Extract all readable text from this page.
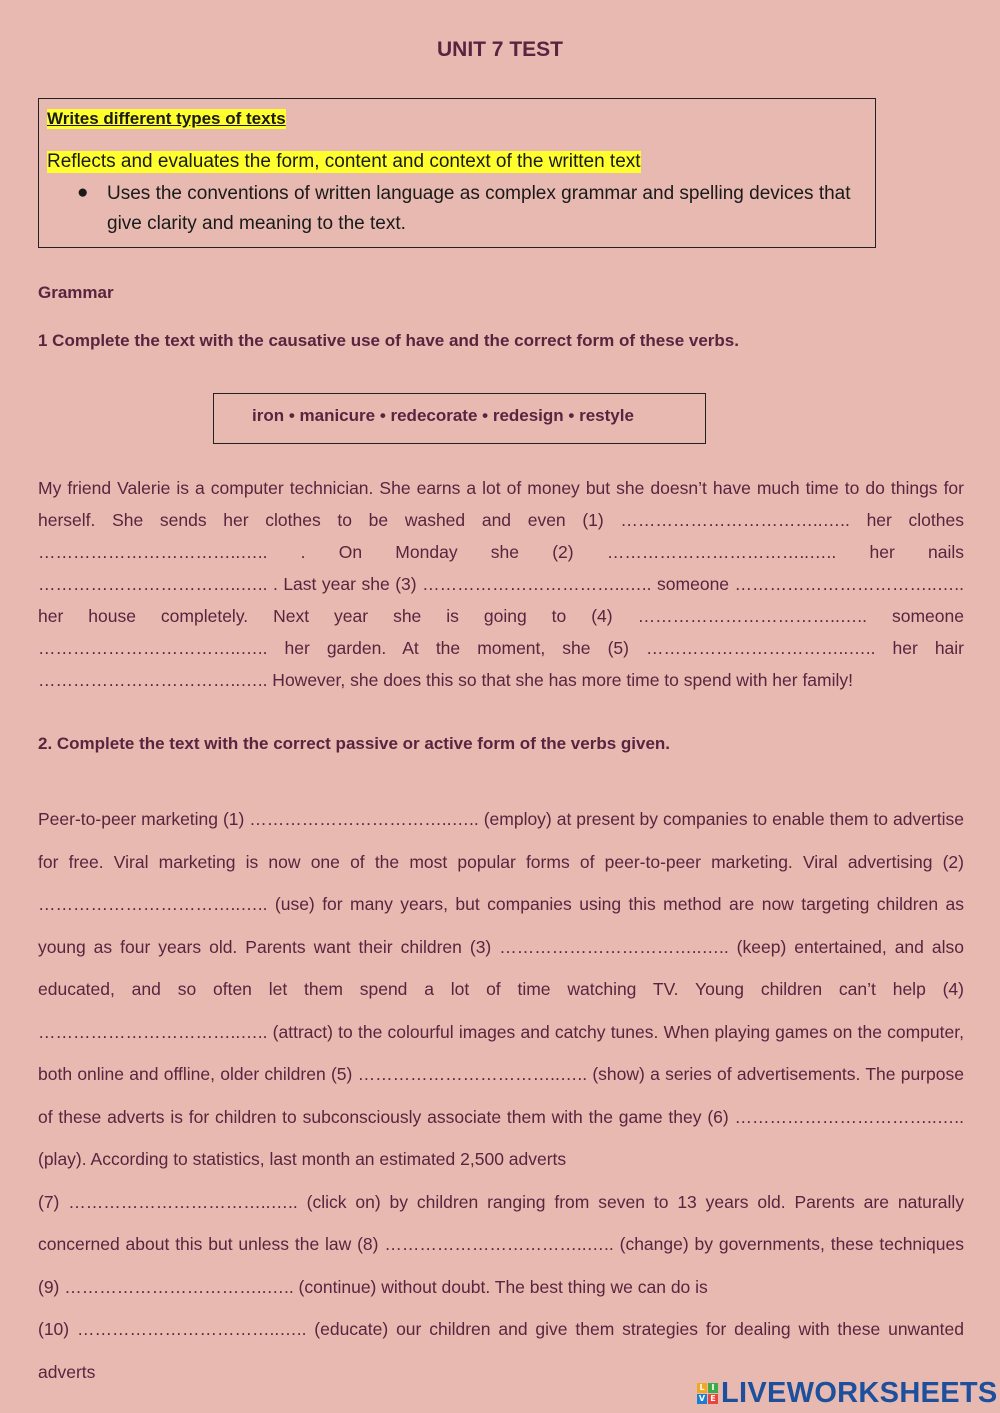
UNIT 7 TEST
Writes different types of texts
Reflects and evaluates the form, content and context of the written text
● Uses the conventions of written language as complex grammar and spelling devices that give clarity and meaning to the text.
Grammar
1 Complete the text with the causative use of have and the correct form of these verbs.
iron • manicure • redecorate • redesign • restyle

My friend Valerie is a computer technician. She earns a lot of money but she doesn’t have much time to do things for herself. She sends her clothes to be washed and even (1) ……………………………..….. her clothes ……………………………..….. . On Monday she (2) ……………………………..….. her nails ……………………………..….. . Last year she (3) ……………………………..….. someone ……………………………..….. her house completely. Next year she is going to (4) ……………………………..….. someone ……………………………..….. her garden. At the moment, she (5) ……………………………..….. her hair ……………………………..….. However, she does this so that she has more time to spend with her family!

2. Complete the text with the correct passive or active form of the verbs given.
Peer-to-peer marketing (1) ……………………………..….. (employ) at present by companies to enable them to advertise for free. Viral marketing is now one of the most popular forms of peer-to-peer marketing. Viral advertising (2) ……………………………..….. (use) for many years, but companies using this method are now targeting children as young as four years old. Parents want their children (3) ……………………………..….. (keep) entertained, and also educated, and so often let them spend a lot of time watching TV. Young children can’t help (4) ……………………………..….. (attract) to the colourful images and catchy tunes. When playing games on the computer, both online and offline, older children (5) ……………………………..….. (show) a series of advertisements. The purpose of these adverts is for children to subconsciously associate them with the game they (6) ……………………………..….. (play). According to statistics, last month an estimated 2,500 adverts
(7) ……………………………..….. (click on) by children ranging from seven to 13 years old. Parents are naturally concerned about this but unless the law (8) ……………………………..….. (change) by governments, these techniques (9) ……………………………..….. (continue) without doubt. The best thing we can do is
(10) ……………………………..….. (educate) our children and give them strategies for dealing with these unwanted adverts
L I
V E LIVEWORKSHEETS
